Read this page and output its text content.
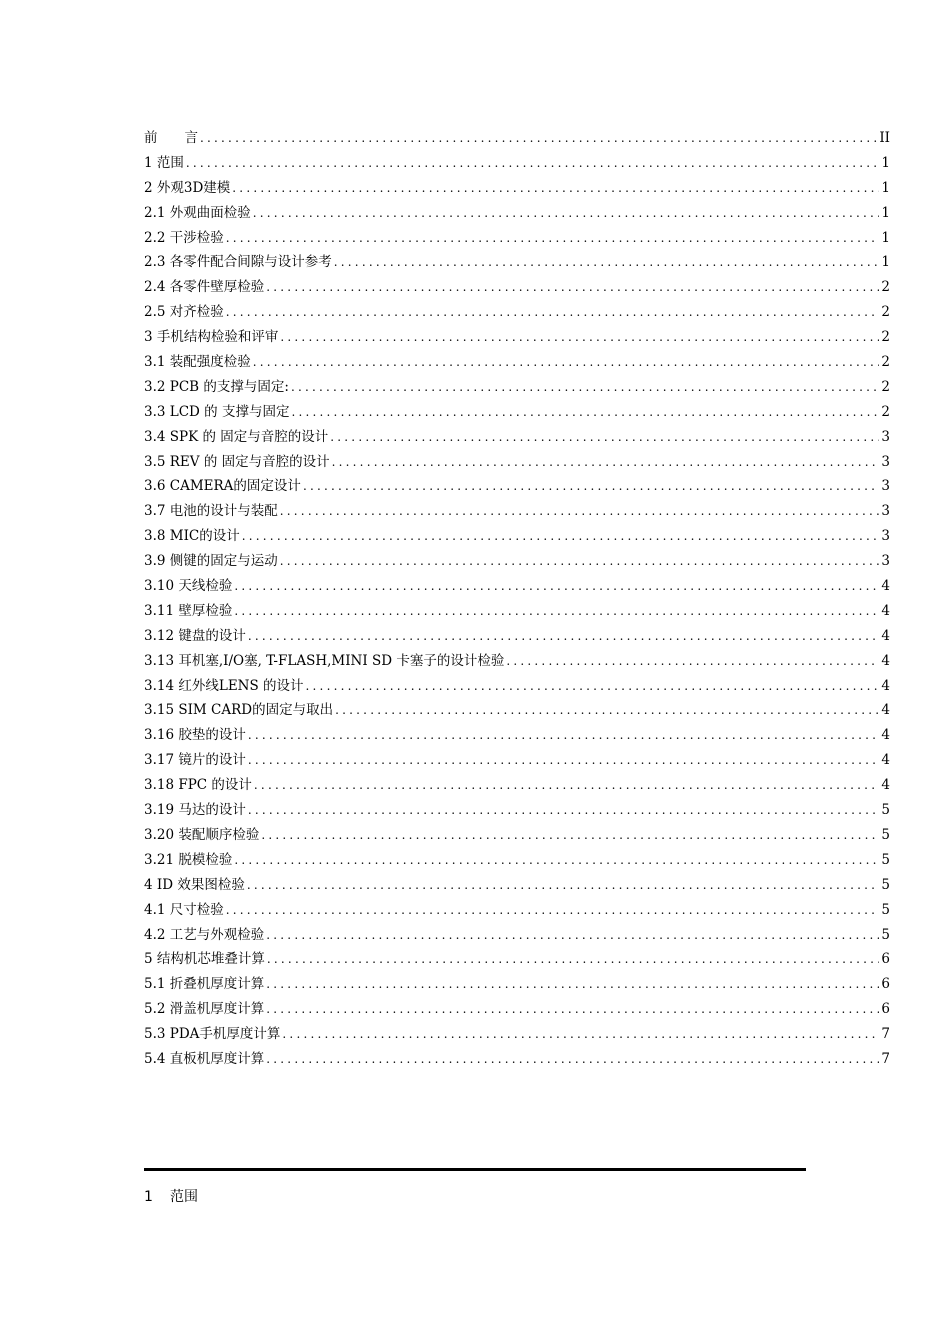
前　　言 .....	II
1 范围 .....	1
2 外观3D建模 .....	1
2.1 外观曲面检验 .....	1
2.2 干涉检验 .....	1
2.3 各零件配合间隙与设计参考 .....	1
2.4 各零件壁厚检验 .....	2
2.5 对齐检验 .....	2
3 手机结构检验和评审 .....	2
3.1 装配强度检验 .....	2
3.2 PCB 的支撑与固定: .....	2
3.3 LCD 的 支撑与固定 .....	2
3.4 SPK 的 固定与音腔的设计 .....	3
3.5 REV 的 固定与音腔的设计 .....	3
3.6 CAMERA的固定设计 .....	3
3.7 电池的设计与装配 .....	3
3.8 MIC的设计 .....	3
3.9 侧键的固定与运动 .....	3
3.10 天线检验 .....	4
3.11 壁厚检验 .....	4
3.12 键盘的设计 .....	4
3.13 耳机塞,I/O塞, T-FLASH,MINI SD 卡塞子的设计检验 .....	4
3.14 红外线LENS 的设计 .....	4
3.15 SIM CARD的固定与取出 .....	4
3.16 胶垫的设计 .....	4
3.17 镜片的设计 .....	4
3.18 FPC 的设计 .....	4
3.19 马达的设计 .....	5
3.20 装配顺序检验 .....	5
3.21 脱模检验 .....	5
4 ID 效果图检验 .....	5
4.1 尺寸检验 .....	5
4.2 工艺与外观检验 .....	5
5 结构机芯堆叠计算 .....	6
5.1 折叠机厚度计算 .....	6
5.2 滑盖机厚度计算 .....	6
5.3 PDA手机厚度计算 .....	7
5.4 直板机厚度计算 .....	7
1 范围
